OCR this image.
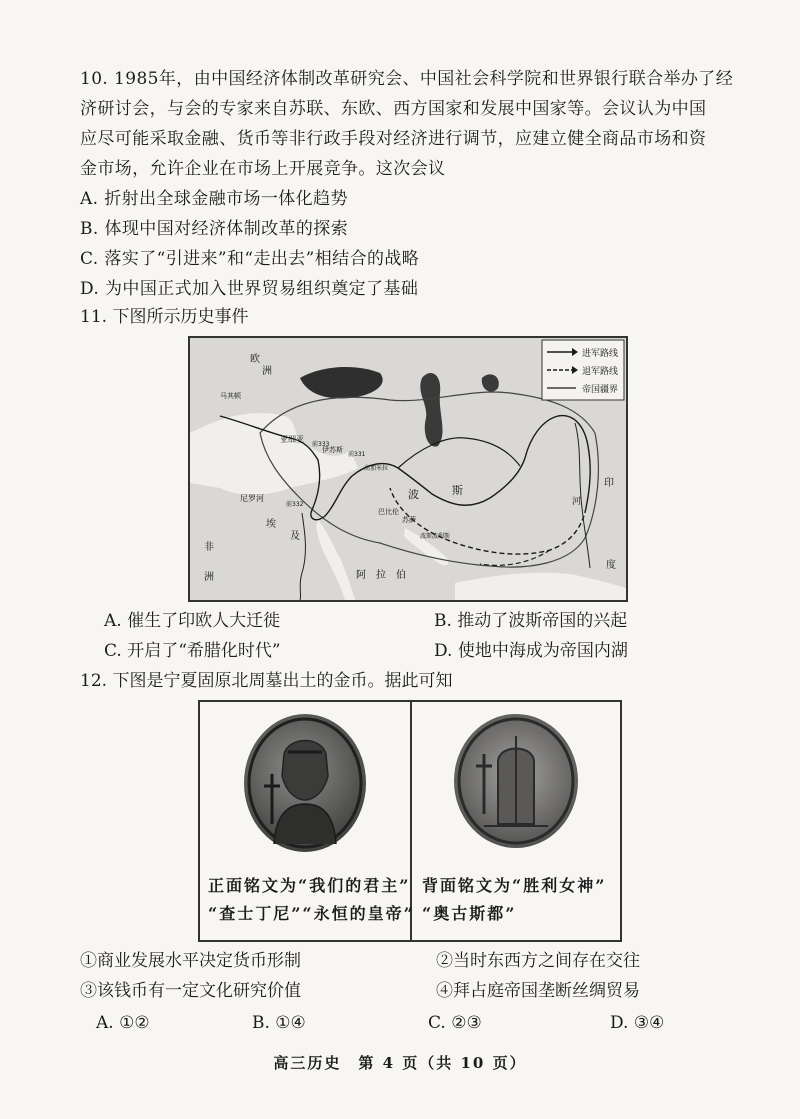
10. 1985年，由中国经济体制改革研究会、中国社会科学院和世界银行联合举办了经
济研讨会，与会的专家来自苏联、东欧、西方国家和发展中国家等。会议认为中国
应尽可能采取金融、货币等非行政手段对经济进行调节，应建立健全商品市场和资
金市场，允许企业在市场上开展竞争。这次会议
A. 折射出全球金融市场一体化趋势
B. 体现中国对经济体制改革的探索
C. 落实了“引进来”和“走出去”相结合的战略
D. 为中国正式加入世界贸易组织奠定了基础
11. 下图所示历史事件
进军路线
退军路线
帝国疆界
欧
洲
亚细亚
伊苏斯
尼罗河
埃
及
非
洲	阿 拉 伯
波	斯
巴比伦
印
度
河
苏萨
高加米拉
马其顿
前331
前333
波斯波利斯
前332
A. 催生了印欧人大迁徙	B. 推动了波斯帝国的兴起
C. 开启了“希腊化时代”	D. 使地中海成为帝国内湖
12. 下图是宁夏固原北周墓出土的金币。据此可知
正面铭文为“我们的君主”
“查士丁尼”“永恒的皇帝”
背面铭文为“胜利女神”
“奥古斯都”
①商业发展水平决定货币形制	②当时东西方之间存在交往
③该钱币有一定文化研究价值	④拜占庭帝国垄断丝绸贸易
A. ①②	B. ①④	C. ②③	D. ③④
高三历史　第 4 页（共 10 页）
